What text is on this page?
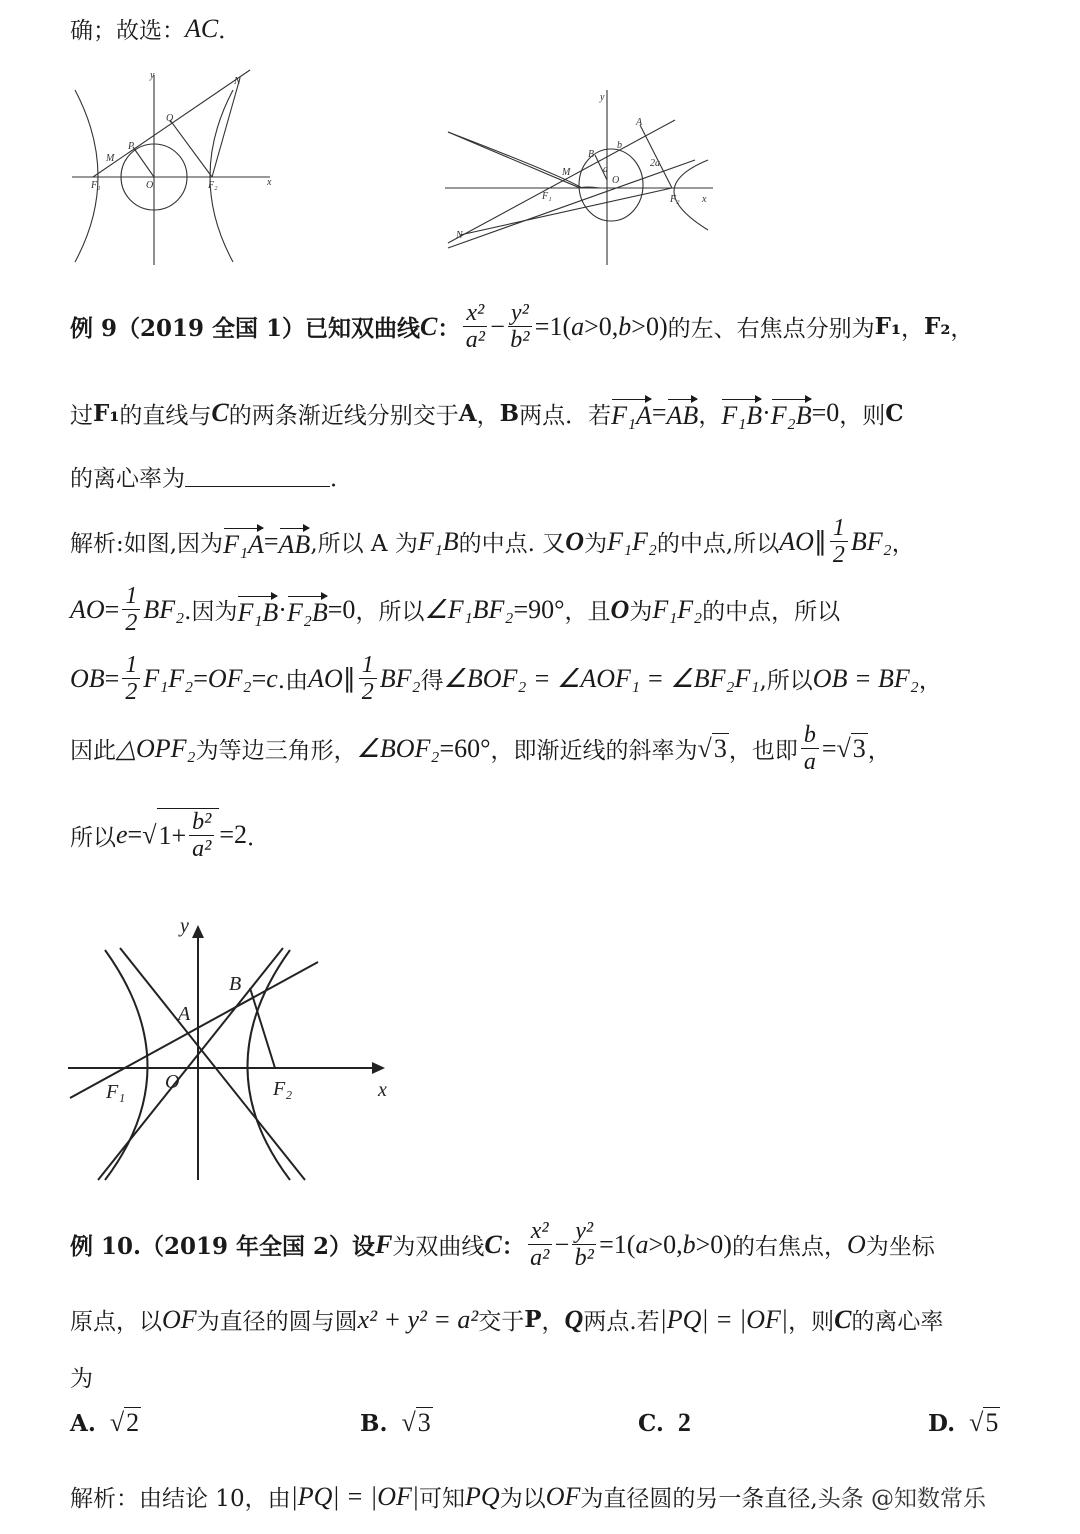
确；故选： AC ．
例 9（2019 全国 1）已知双曲线 C ： $\frac{\text{x²}}{\text{a²}} - \frac{\text{y²}}{\text{b²}} =1$( a >0, b >0) 的左、右焦点分别为 F₁ ， F₂ ，
过 F₁ 的直线与 C 的两条渐近线分别交于 A ， B 两点．若 F₁A = AB ， F₁B · F₂B =0 ，则 C
的离心率为	．
解析:如图,因为 F₁A = AB ,所以 A 为 F₁B 的中点. 又 O 为 F₁F₂ 的中点,所以 AO ∥ $\frac{1}{2} BF_2$ ，
AO = $\frac{1}{2} BF_2$ .因为 F₁B · F₂B =0 ，所以 ∠F₁BF₂ =90° ，且 O 为 F₁F₂ 的中点，所以
OB = $\frac{1}{2} F_1F_2 = OF_2 = c$ .由 AO ∥ $\frac{1}{2} BF_2$ 得 ∠BOF₂ = ∠AOF₁ = ∠BF₂F₁ ,所以 OB = BF₂ ，
因此 △OPF₂ 为等边三角形， ∠BOF₂ =60° ，即渐近线的斜率为 √ 3 ，也即 $\frac{b}{a}$ = √ 3 ，
所以 e = √ $1+ \frac{\text{b²}}{\text{a²}} =2$ ．
例 10.（2019 年全国 2）设 F 为双曲线 C ： $\frac{\text{x²}}{\text{a²}} - \frac{\text{y²}}{\text{b²}} =1$( a >0, b >0) 的右焦点， O 为坐标
原点，以 OF 为直径的圆与圆 x² + y² = a² 交于 P ， Q 两点.若 |PQ| = |OF| ，则 C 的离心率
为
解析：由结论 10，由 |PQ| = |OF| 可知 PQ 为以 OF 为直径圆的另一条直径, 头条 @知数常乐
y
x
N
Q
P
M
F₁	O	F₂
y
x
A
b
B
M	a
O
2a
F₁	F₂
N
y
x
A
B
O
F₁	F₂
A. √2	B. √3	C. 2	D. √5
